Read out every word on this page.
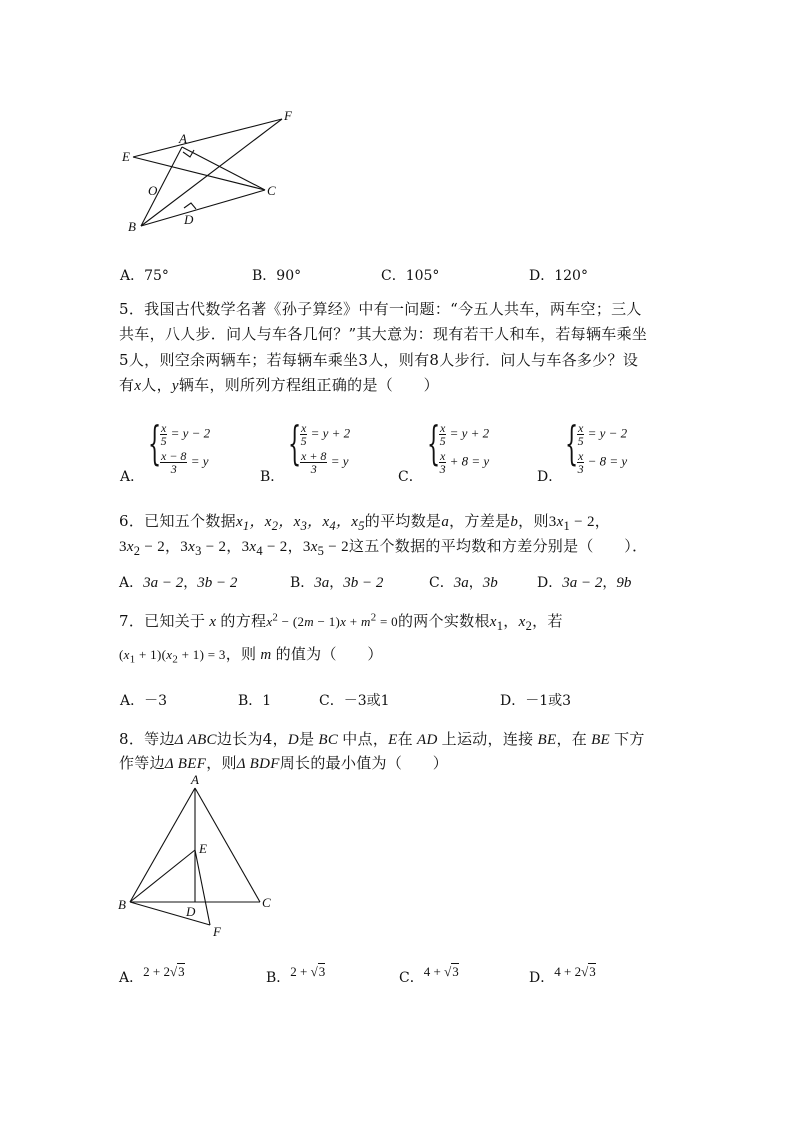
A
F
E
O	C
D
B
A．75°	B．90°	C．105°	D．120°
5．我国古代数学名著《孙子算经》中有一问题：“今五人共车，两车空；三人
共车，八人步．问人与车各几何？”其大意为：现有若干人和车，若每辆车乘坐
5人，则空余两辆车；若每辆车乘坐3人，则有8人步行．问人与车各多少？设
有x人，y辆车，则所列方程组正确的是（　　）
A．
{
$\frac{x}{5} = y - 2$
$\frac{x - 8}{3} = y$
B．
{
$\frac{x}{5} = y + 2$
$\frac{x + 8}{3} = y$
C．
{
$\frac{x}{5} = y + 2$
$\frac{x}{3} + 8 = y$
D．
{
$\frac{x}{5} = y - 2$
$\frac{x}{3} - 8 = y$
6．已知五个数据$x_1$，$x_2$，$x_3$，$x_4$，$x_5$的平均数是a，方差是b，则$3x_1 - 2$，
$3x_2 - 2$，$3x_3 - 2$，$3x_4 - 2$，$3x_5 - 2$这五个数据的平均数和方差分别是（　　）．
A．3a − 2，3b − 2	B．3a，3b − 2	C．3a，3b	D．3a − 2，9b
7．已知关于 x 的方程$x^2 - (2m - 1)x + m^2 = 0$的两个实数根$x_1$，$x_2$，若
$(x_1 + 1)(x_2 + 1) = 3$，则 m 的值为（　　）
A．－3	B．1	C．－3或1	D．－1或3
8．等边Δ ABC边长为4，D是 BC 中点，E在 AD 上运动，连接 BE，在 BE 下方
作等边Δ BEF，则Δ BDF周长的最小值为（　　）
A
E
B	D
C
F
A．2 + 2√3	B．2 + √3	C．4 + √3	D．4 + 2√3
